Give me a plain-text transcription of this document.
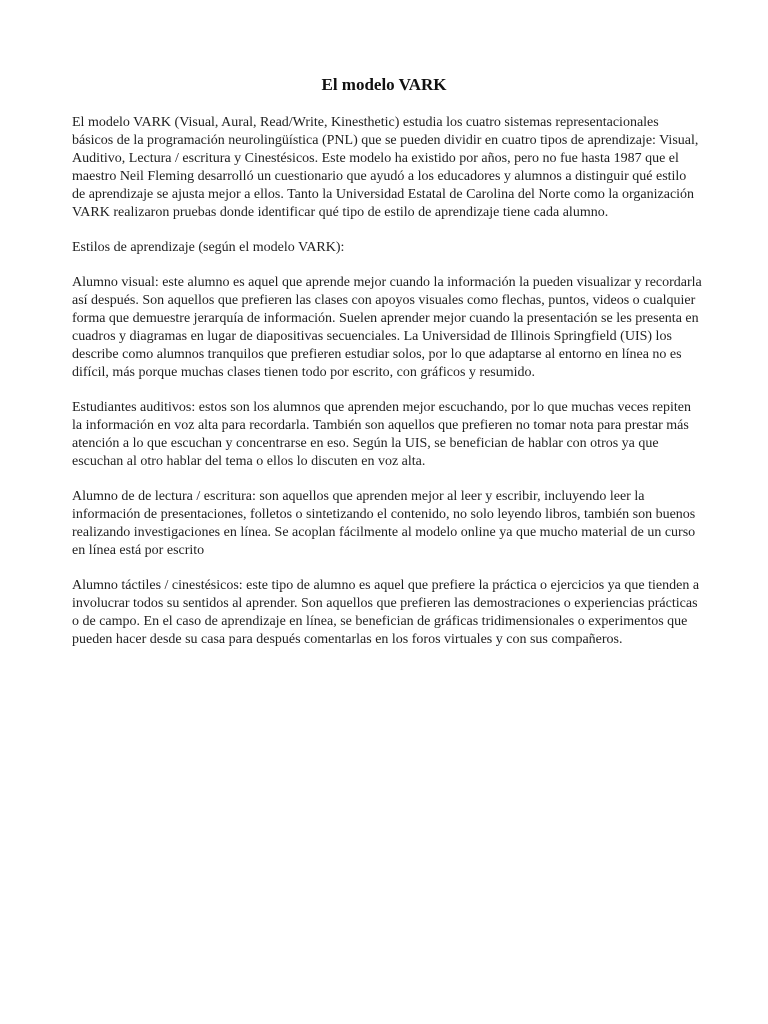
El modelo VARK

El modelo VARK (Visual, Aural, Read/Write, Kinesthetic) estudia los cuatro sistemas representacionales básicos de la programación neurolingüística (PNL) que se pueden dividir en cuatro tipos de aprendizaje: Visual, Auditivo, Lectura / escritura y Cinestésicos. Este modelo ha existido por años, pero no fue hasta 1987 que el maestro Neil Fleming desarrolló un cuestionario que ayudó a los educadores y alumnos a distinguir qué estilo de aprendizaje se ajusta mejor a ellos. Tanto la Universidad Estatal de Carolina del Norte como la organización VARK realizaron pruebas donde identificar qué tipo de estilo de aprendizaje tiene cada alumno.

Estilos de aprendizaje (según el modelo VARK):

Alumno visual: este alumno es aquel que aprende mejor cuando la información la pueden visualizar y recordarla así después. Son aquellos que prefieren las clases con apoyos visuales como flechas, puntos, videos o cualquier forma que demuestre jerarquía de información. Suelen aprender mejor cuando la presentación se les presenta en cuadros y diagramas en lugar de diapositivas secuenciales. La Universidad de Illinois Springfield (UIS) los describe como alumnos tranquilos que prefieren estudiar solos, por lo que adaptarse al entorno en línea no es difícil, más porque muchas clases tienen todo por escrito, con gráficos y resumido.

Estudiantes auditivos: estos son los alumnos que aprenden mejor escuchando, por lo que muchas veces repiten la información en voz alta para recordarla. También son aquellos que prefieren no tomar nota para prestar más atención a lo que escuchan y concentrarse en eso. Según la UIS, se benefician de hablar con otros ya que escuchan al otro hablar del tema o ellos lo discuten en voz alta.

Alumno de de lectura / escritura: son aquellos que aprenden mejor al leer y escribir, incluyendo leer la información de presentaciones, folletos o sintetizando el contenido, no solo leyendo libros, también son buenos realizando investigaciones en línea. Se acoplan fácilmente al modelo online ya que mucho material de un curso en línea está por escrito

Alumno táctiles / cinestésicos: este tipo de alumno es aquel que prefiere la práctica o ejercicios ya que tienden a involucrar todos su sentidos al aprender. Son aquellos que prefieren las demostraciones o experiencias prácticas o de campo. En el caso de aprendizaje en línea, se benefician de gráficas tridimensionales o experimentos que pueden hacer desde su casa para después comentarlas en los foros virtuales y con sus compañeros.
